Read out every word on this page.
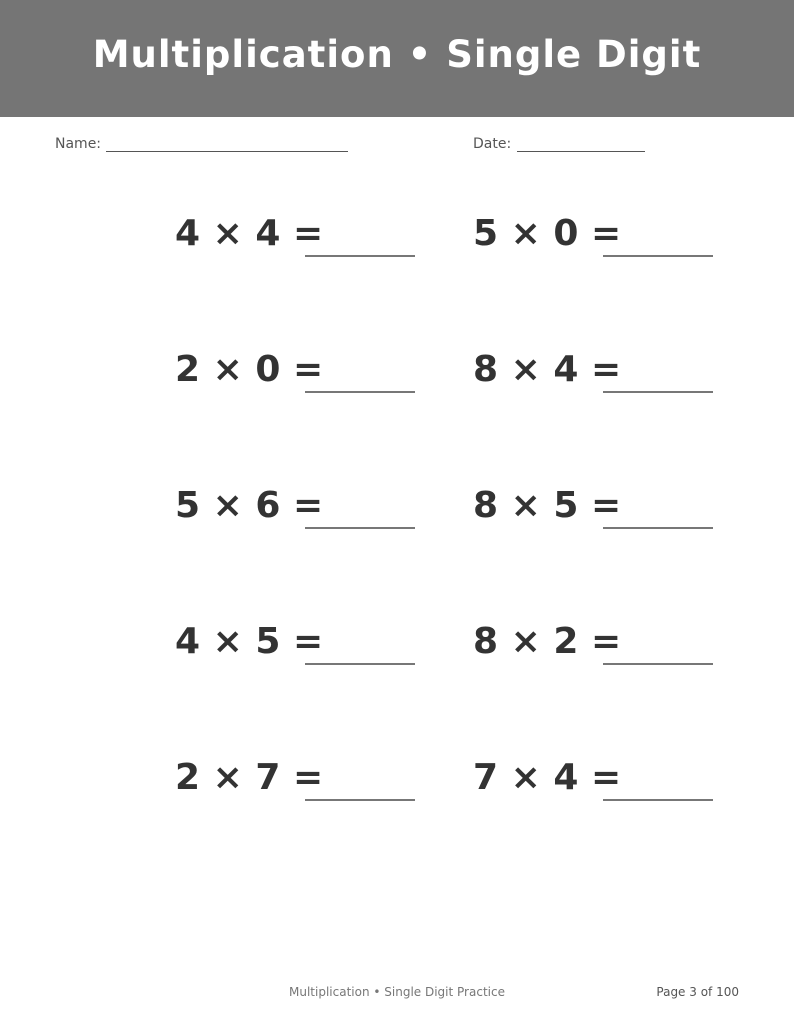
Multiplication • Single Digit
Name:	Date:
4 × 4 =	5 × 0 =
2 × 0 =	8 × 4 =
5 × 6 =	8 × 5 =
4 × 5 =	8 × 2 =
2 × 7 =	7 × 4 =
Multiplication • Single Digit Practice	Page 3 of 100
